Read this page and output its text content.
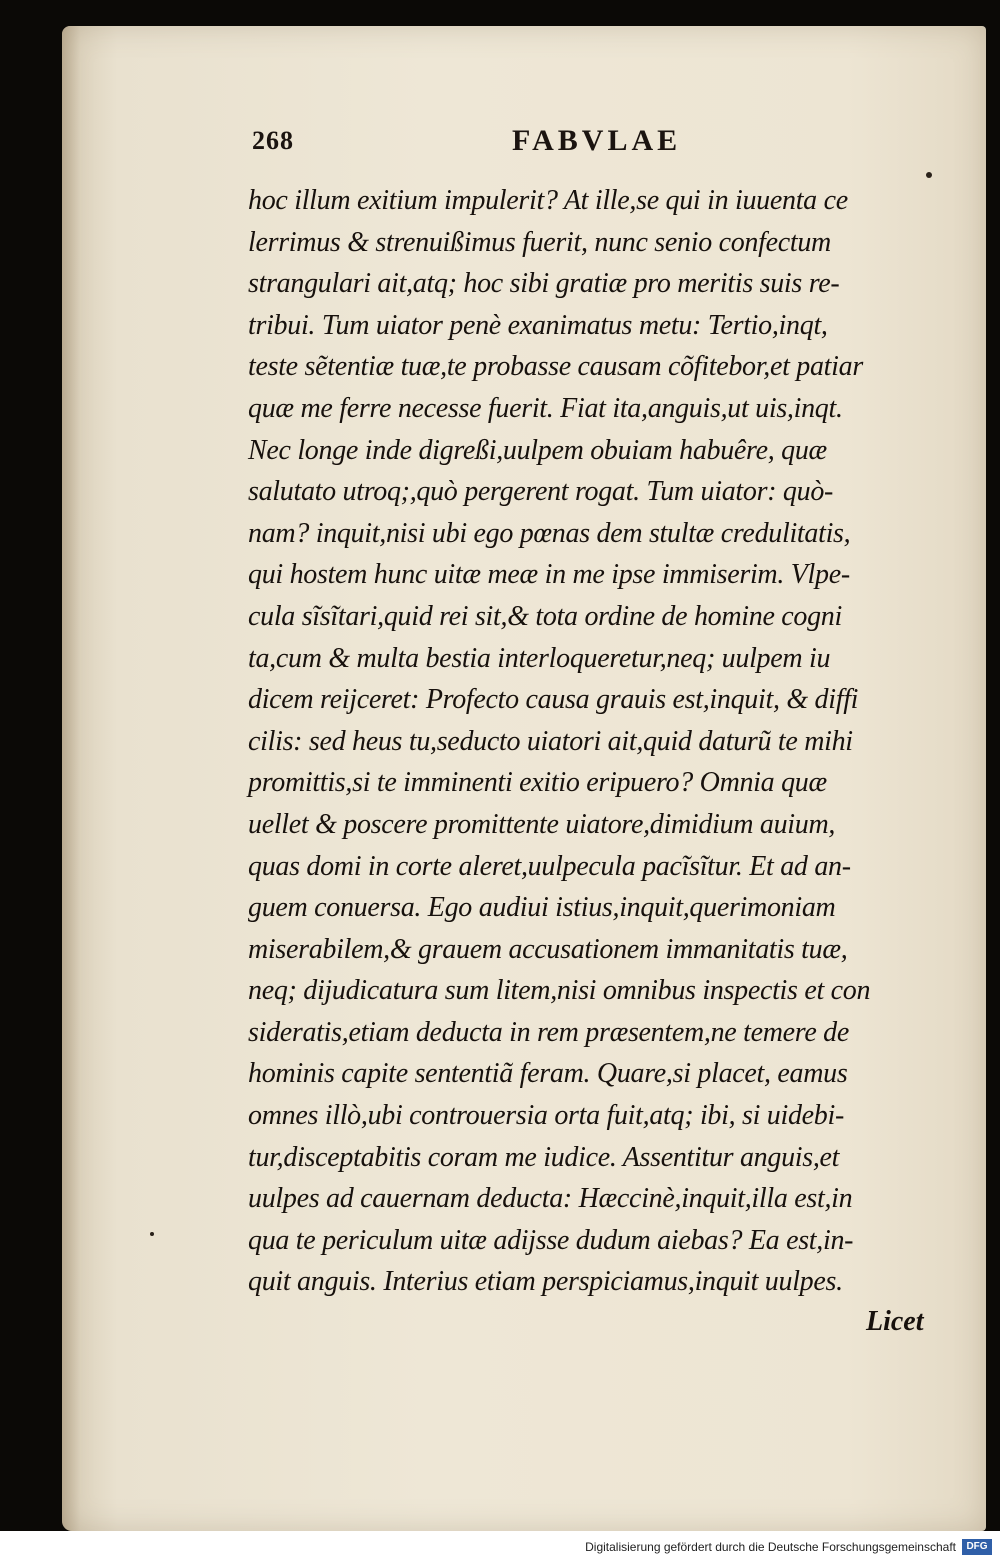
268	FABVLAE
hoc illum exitium impulerit? At ille,se qui in iuuenta ce
lerrimus & strenuißimus fuerit, nunc senio confectum
strangulari ait,atq; hoc sibi gratiæ pro meritis suis re-
tribui. Tum uiator penè exanimatus metu: Tertio,inqt,
teste sẽtentiæ tuæ,te probasse causam cõfitebor,et patiar
quæ me ferre necesse fuerit. Fiat ita,anguis,ut uis,inqt.
Nec longe inde digreßi,uulpem obuiam habuêre, quæ
salutato utroq;,quò pergerent rogat. Tum uiator: quò-
nam? inquit,nisi ubi ego pœnas dem stultæ credulitatis,
qui hostem hunc uitæ meæ in me ipse immiserim. Vlpe-
cula sĩsĩtari,quid rei sit,& tota ordine de homine cogni
ta,cum & multa bestia interloqueretur,neq; uulpem iu
dicem reijceret: Profecto causa grauis est,inquit, & diffi
cilis: sed heus tu,seducto uiatori ait,quid daturũ te mihi
promittis,si te imminenti exitio eripuero? Omnia quæ
uellet & poscere promittente uiatore,dimidium auium,
quas domi in corte aleret,uulpecula pacĩsĩtur. Et ad an-
guem conuersa. Ego audiui istius,inquit,querimoniam
miserabilem,& grauem accusationem immanitatis tuæ,
neq; dijudicatura sum litem,nisi omnibus inspectis et con
sideratis,etiam deducta in rem præsentem,ne temere de
hominis capite sententiã feram. Quare,si placet, eamus
omnes illò,ubi controuersia orta fuit,atq; ibi, si uidebi-
tur,disceptabitis coram me iudice. Assentitur anguis,et
uulpes ad cauernam deducta: Hæccinè,inquit,illa est,in
qua te periculum uitæ adijsse dudum aiebas? Ea est,in-
quit anguis. Interius etiam perspiciamus,inquit uulpes.
Licet
Digitalisierung gefördert durch die Deutsche Forschungsgemeinschaft	DFG
